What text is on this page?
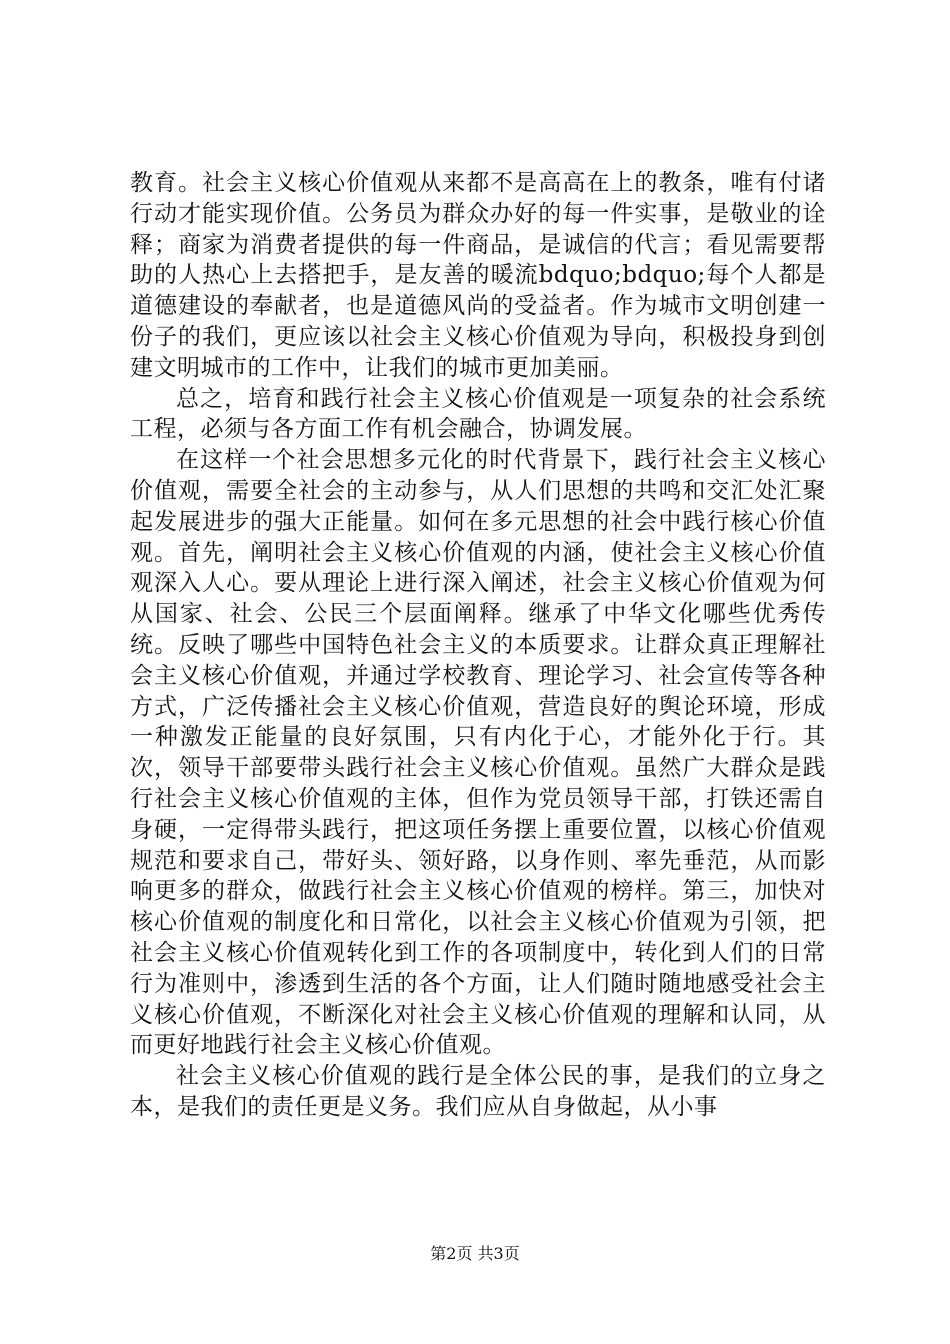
教育。社会主义核心价值观从来都不是高高在上的教条，唯有付诸行动才能实现价值。公务员为群众办好的每一件实事，是敬业的诠释；商家为消费者提供的每一件商品，是诚信的代言；看见需要帮助的人热心上去搭把手，是友善的暖流bdquo;bdquo;每个人都是道德建设的奉献者，也是道德风尚的受益者。作为城市文明创建一份子的我们，更应该以社会主义核心价值观为导向，积极投身到创建文明城市的工作中，让我们的城市更加美丽。

总之，培育和践行社会主义核心价值观是一项复杂的社会系统工程，必须与各方面工作有机会融合，协调发展。

在这样一个社会思想多元化的时代背景下，践行社会主义核心价值观，需要全社会的主动参与，从人们思想的共鸣和交汇处汇聚起发展进步的强大正能量。如何在多元思想的社会中践行核心价值观。首先，阐明社会主义核心价值观的内涵，使社会主义核心价值观深入人心。要从理论上进行深入阐述，社会主义核心价值观为何从国家、社会、公民三个层面阐释。继承了中华文化哪些优秀传统。反映了哪些中国特色社会主义的本质要求。让群众真正理解社会主义核心价值观，并通过学校教育、理论学习、社会宣传等各种方式，广泛传播社会主义核心价值观，营造良好的舆论环境，形成一种激发正能量的良好氛围，只有内化于心，才能外化于行。其次，领导干部要带头践行社会主义核心价值观。虽然广大群众是践行社会主义核心价值观的主体，但作为党员领导干部，打铁还需自身硬，一定得带头践行，把这项任务摆上重要位置，以核心价值观规范和要求自己，带好头、领好路，以身作则、率先垂范，从而影响更多的群众，做践行社会主义核心价值观的榜样。第三，加快对核心价值观的制度化和日常化，以社会主义核心价值观为引领，把社会主义核心价值观转化到工作的各项制度中，转化到人们的日常行为准则中，渗透到生活的各个方面，让人们随时随地感受社会主义核心价值观，不断深化对社会主义核心价值观的理解和认同，从而更好地践行社会主义核心价值观。

社会主义核心价值观的践行是全体公民的事，是我们的立身之本，是我们的责任更是义务。我们应从自身做起，从小事

第2页 共3页
